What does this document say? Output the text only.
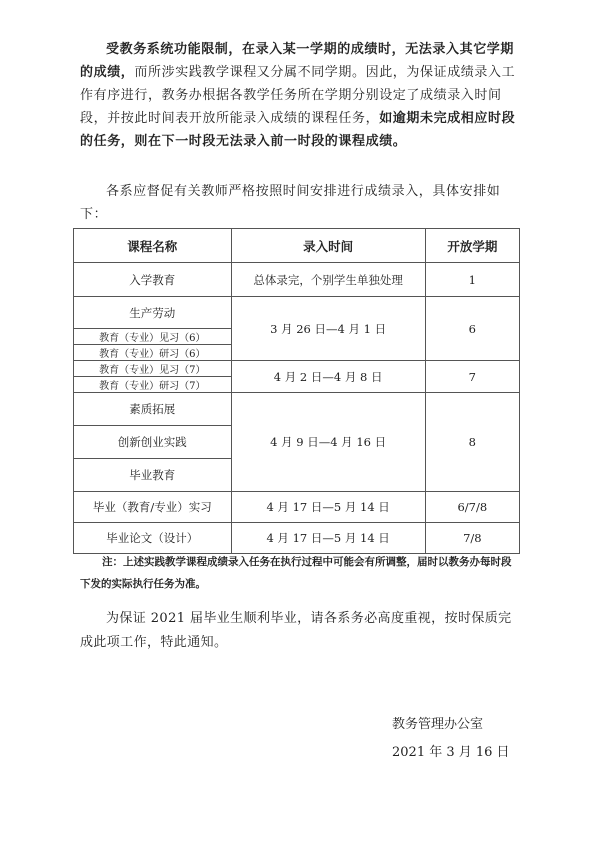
受教务系统功能限制，在录入某一学期的成绩时，无法录入其它学期的成绩，而所涉实践教学课程又分属不同学期。因此，为保证成绩录入工作有序进行，教务办根据各教学任务所在学期分别设定了成绩录入时间段，并按此时间表开放所能录入成绩的课程任务，如逾期未完成相应时段的任务，则在下一时段无法录入前一时段的课程成绩。

各系应督促有关教师严格按照时间安排进行成绩录入，具体安排如下：

课程名称	录入时间	开放学期
入学教育	总体录完，个别学生单独处理	1
生产劳动	3 月 26 日—4 月 1 日	6
教育（专业）见习（6）		
教育（专业）研习（6）		
教育（专业）见习（7）	4 月 2 日—4 月 8 日	7
教育（专业）研习（7）		
素质拓展	4 月 9 日—4 月 16 日	8
创新创业实践		
毕业教育		
毕业（教育/专业）实习	4 月 17 日—5 月 14 日	6/7/8
毕业论文（设计）	4 月 17 日—5 月 14 日	7/8

注：上述实践教学课程成绩录入任务在执行过程中可能会有所调整，届时以教务办每时段下发的实际执行任务为准。

为保证 2021 届毕业生顺利毕业，请各系务必高度重视，按时保质完成此项工作，特此通知。

教务管理办公室

2021 年 3 月 16 日
